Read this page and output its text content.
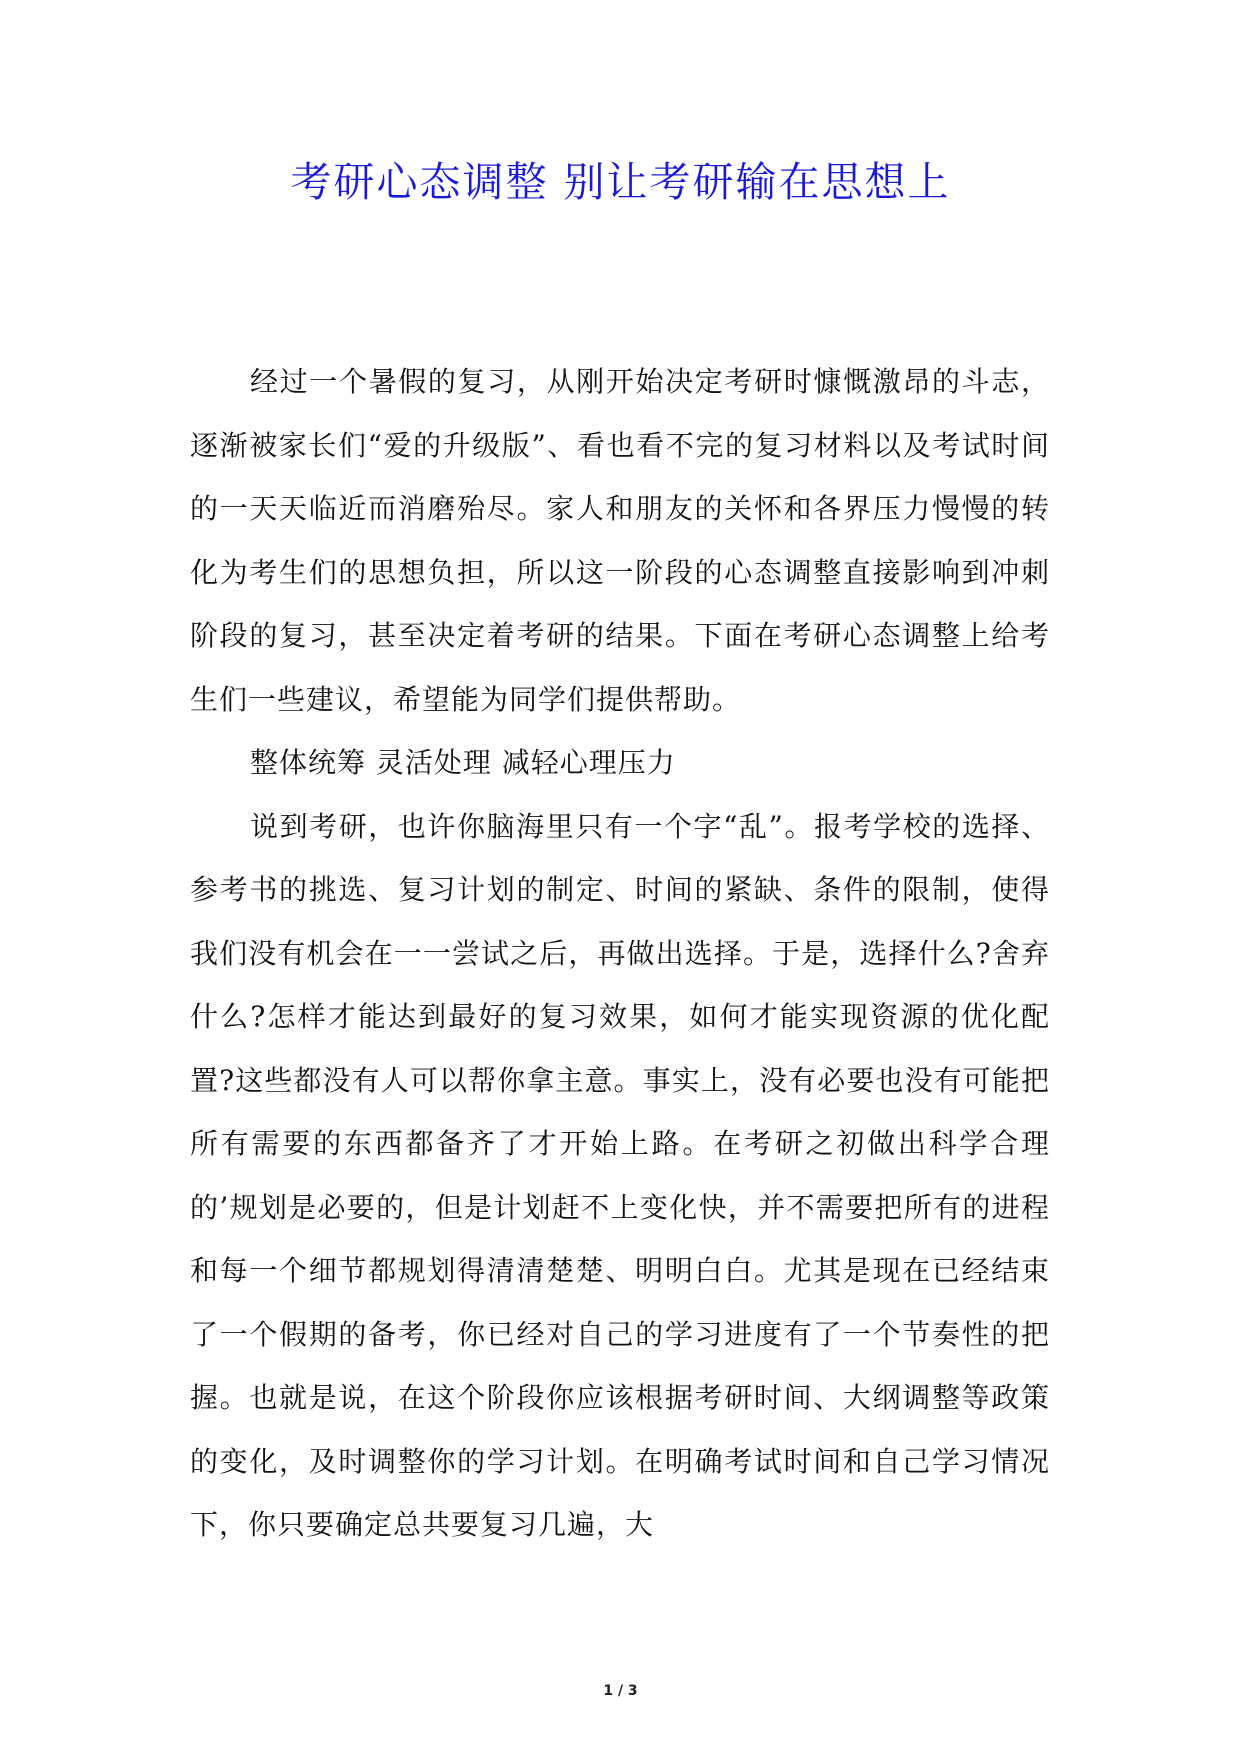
考研心态调整 别让考研输在思想上

经过一个暑假的复习，从刚开始决定考研时慷慨激昂的斗志，逐渐被家长们“爱的升级版”、看也看不完的复习材料以及考试时间的一天天临近而消磨殆尽。家人和朋友的关怀和各界压力慢慢的转化为考生们的思想负担，所以这一阶段的心态调整直接影响到冲刺阶段的复习，甚至决定着考研的结果。下面在考研心态调整上给考生们一些建议，希望能为同学们提供帮助。

整体统筹 灵活处理 减轻心理压力

说到考研，也许你脑海里只有一个字“乱”。报考学校的选择、参考书的挑选、复习计划的制定、时间的紧缺、条件的限制，使得我们没有机会在一一尝试之后，再做出选择。于是，选择什么?舍弃什么?怎样才能达到最好的复习效果，如何才能实现资源的优化配置?这些都没有人可以帮你拿主意。事实上，没有必要也没有可能把所有需要的东西都备齐了才开始上路。在考研之初做出科学合理的’规划是必要的，但是计划赶不上变化快，并不需要把所有的进程和每一个细节都规划得清清楚楚、明明白白。尤其是现在已经结束了一个假期的备考，你已经对自己的学习进度有了一个节奏性的把握。也就是说，在这个阶段你应该根据考研时间、大纲调整等政策的变化，及时调整你的学习计划。在明确考试时间和自己学习情况下，你只要确定总共要复习几遍，大

1 / 3
